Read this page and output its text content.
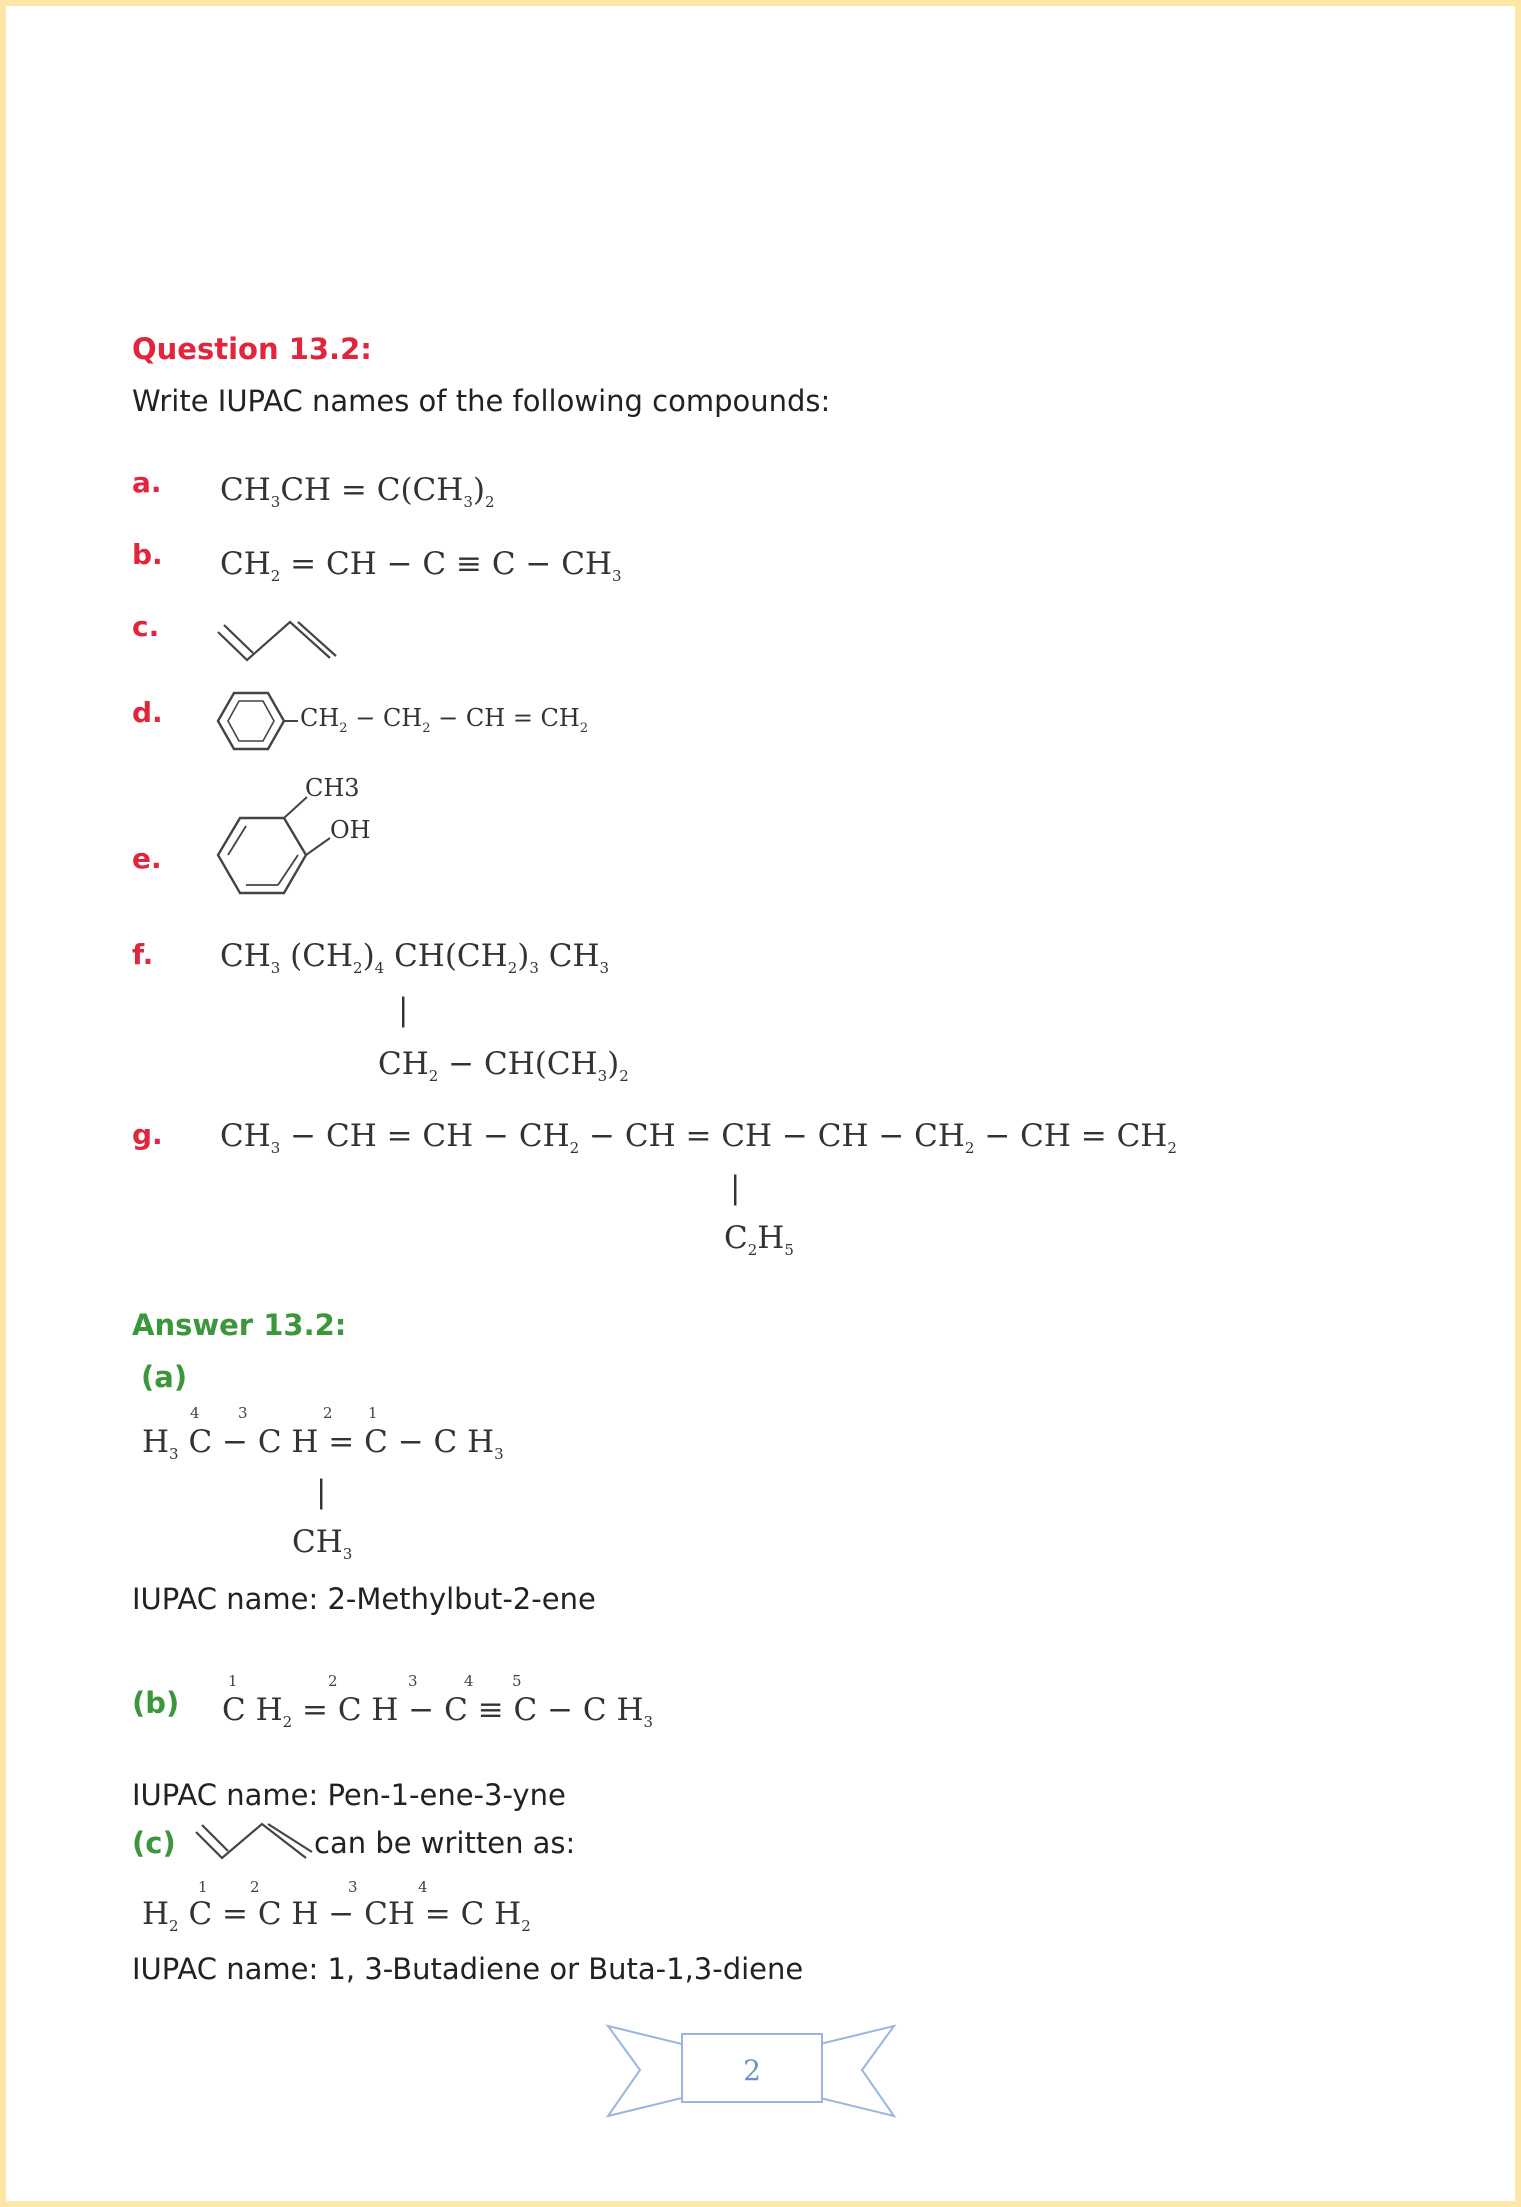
Question 13.2:
Write IUPAC names of the following compounds:
a. $CH_3CH = C(CH_3)_2$
b. $CH_2$ = CH − $C \equiv C - CH_3$
c.
d.	$CH_2 - CH_2$ − CH = $CH_2$
e.
CH3
OH
f. $CH_3$ $(CH_2)_4$ $CH(CH_2)_3$ $CH_3$
|
$CH_2 - CH(CH_3)_2$
g. $CH_3$ − CH = CH − $CH_2$ − CH = CH − CH − $CH_2$ − CH = $CH_2$
|
$C_2H_5$
Answer 13.2:
(a)
4	3	2 1
$H_3$ C − C H = C − C $H_3$
|
$CH_3$
IUPAC name: 2-Methylbut-2-ene
(b)
1	2	3	4	5
C $H_2 = C$ H − C ≡ C − C $H_3$
IUPAC name: Pen-1-ene-3-yne
(c)	can be written as:
1	2	3	4
$H_2$ C = C H − CH = C $H_2$
IUPAC name: 1, 3-Butadiene or Buta-1,3-diene
2
